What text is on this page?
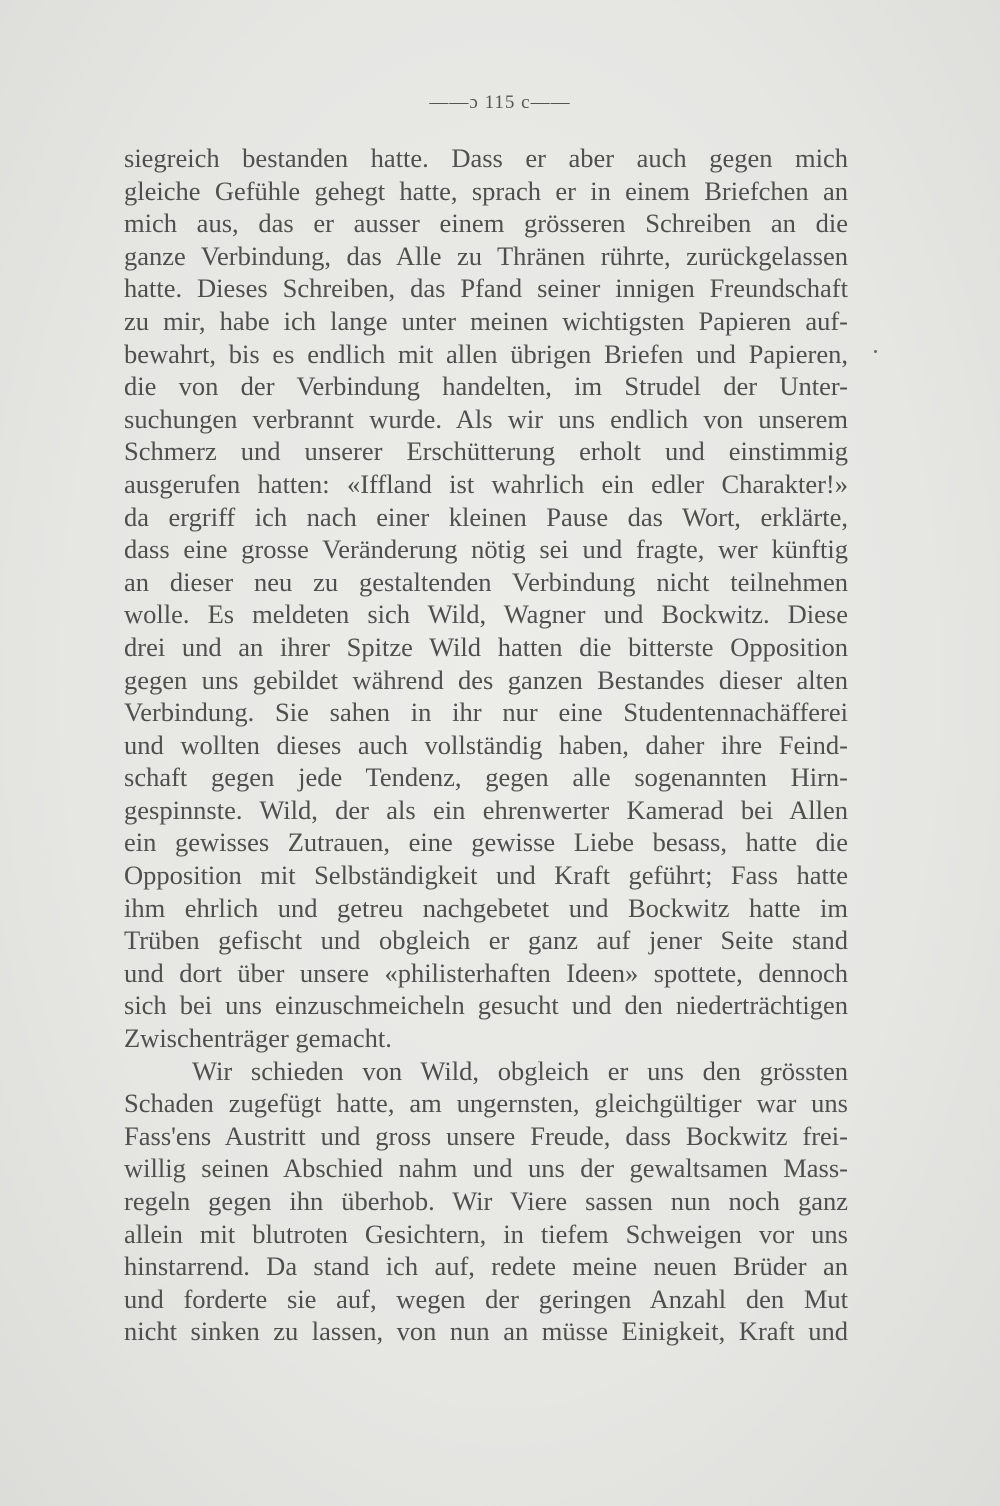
——ɔ 115 c——
siegreich bestanden hatte. Dass er aber auch gegen mich
gleiche Gefühle gehegt hatte, sprach er in einem Briefchen an
mich aus, das er ausser einem grösseren Schreiben an die
ganze Verbindung, das Alle zu Thränen rührte, zurückgelassen
hatte. Dieses Schreiben, das Pfand seiner innigen Freundschaft
zu mir, habe ich lange unter meinen wichtigsten Papieren auf-
bewahrt, bis es endlich mit allen übrigen Briefen und Papieren,
die von der Verbindung handelten, im Strudel der Unter-
suchungen verbrannt wurde. Als wir uns endlich von unserem
Schmerz und unserer Erschütterung erholt und einstimmig
ausgerufen hatten: «Iffland ist wahrlich ein edler Charakter!»
da ergriff ich nach einer kleinen Pause das Wort, erklärte,
dass eine grosse Veränderung nötig sei und fragte, wer künftig
an dieser neu zu gestaltenden Verbindung nicht teilnehmen
wolle. Es meldeten sich Wild, Wagner und Bockwitz. Diese
drei und an ihrer Spitze Wild hatten die bitterste Opposition
gegen uns gebildet während des ganzen Bestandes dieser alten
Verbindung. Sie sahen in ihr nur eine Studentennachäfferei
und wollten dieses auch vollständig haben, daher ihre Feind-
schaft gegen jede Tendenz, gegen alle sogenannten Hirn-
gespinnste. Wild, der als ein ehrenwerter Kamerad bei Allen
ein gewisses Zutrauen, eine gewisse Liebe besass, hatte die
Opposition mit Selbständigkeit und Kraft geführt; Fass hatte
ihm ehrlich und getreu nachgebetet und Bockwitz hatte im
Trüben gefischt und obgleich er ganz auf jener Seite stand
und dort über unsere «philisterhaften Ideen» spottete, dennoch
sich bei uns einzuschmeicheln gesucht und den niederträchtigen
Zwischenträger gemacht.
Wir schieden von Wild, obgleich er uns den grössten
Schaden zugefügt hatte, am ungernsten, gleichgültiger war uns
Fass'ens Austritt und gross unsere Freude, dass Bockwitz frei-
willig seinen Abschied nahm und uns der gewaltsamen Mass-
regeln gegen ihn überhob. Wir Viere sassen nun noch ganz
allein mit blutroten Gesichtern, in tiefem Schweigen vor uns
hinstarrend. Da stand ich auf, redete meine neuen Brüder an
und forderte sie auf, wegen der geringen Anzahl den Mut
nicht sinken zu lassen, von nun an müsse Einigkeit, Kraft und
